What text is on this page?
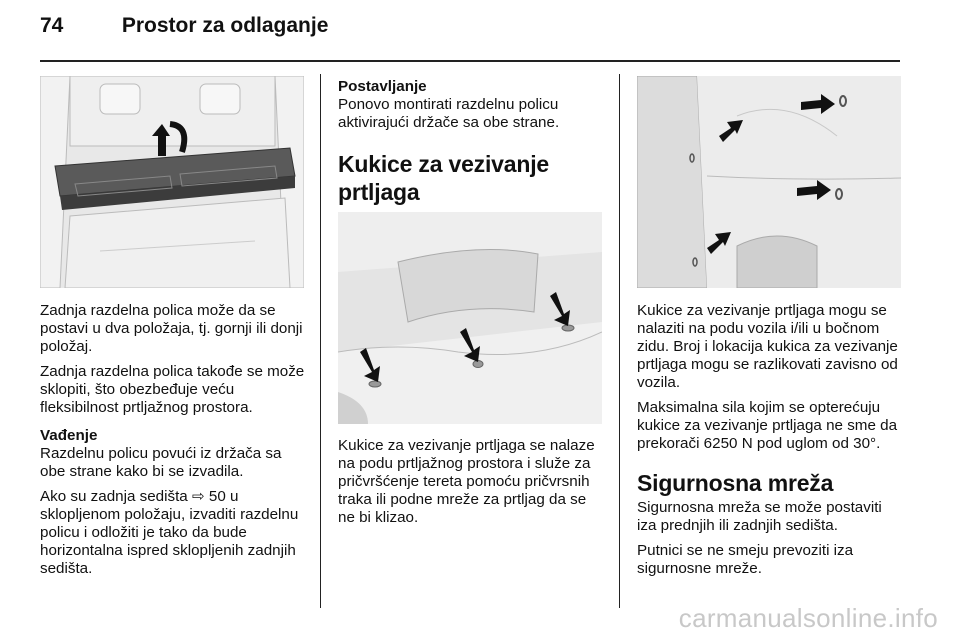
74	Prostor za odlaganje

Zadnja razdelna polica može da se postavi u dva položaja, tj. gornji ili donji položaj.

Zadnja razdelna polica takođe se može sklopiti, što obezbeđuje veću fleksibilnost prtljažnog prostora.

Vađenje

Razdelnu policu povući iz držača sa obe strane kako bi se izvadila.

Ako su zadnja sedišta ⇨ 50 u sklopljenom položaju, izvaditi razdelnu policu i odložiti je tako da bude horizontalna ispred sklopljenih zadnjih sedišta.

Postavljanje

Ponovo montirati razdelnu policu aktivirajući držače sa obe strane.

Kukice za vezivanje prtljaga

Kukice za vezivanje prtljaga se nalaze na podu prtljažnog prostora i služe za pričvršćenje tereta pomoću pričvrsnih traka ili podne mreže za prtljag da se ne bi klizao.

Kukice za vezivanje prtljaga mogu se nalaziti na podu vozila i/ili u bočnom zidu. Broj i lokacija kukica za vezivanje prtljaga mogu se razlikovati zavisno od vozila.

Maksimalna sila kojim se opterećuju kukice za vezivanje prtljaga ne sme da prekorači 6250 N pod uglom od 30°.

Sigurnosna mreža

Sigurnosna mreža se može postaviti iza prednjih ili zadnjih sedišta.

Putnici se ne smeju prevoziti iza sigurnosne mreže.

carmanualsonline.info
